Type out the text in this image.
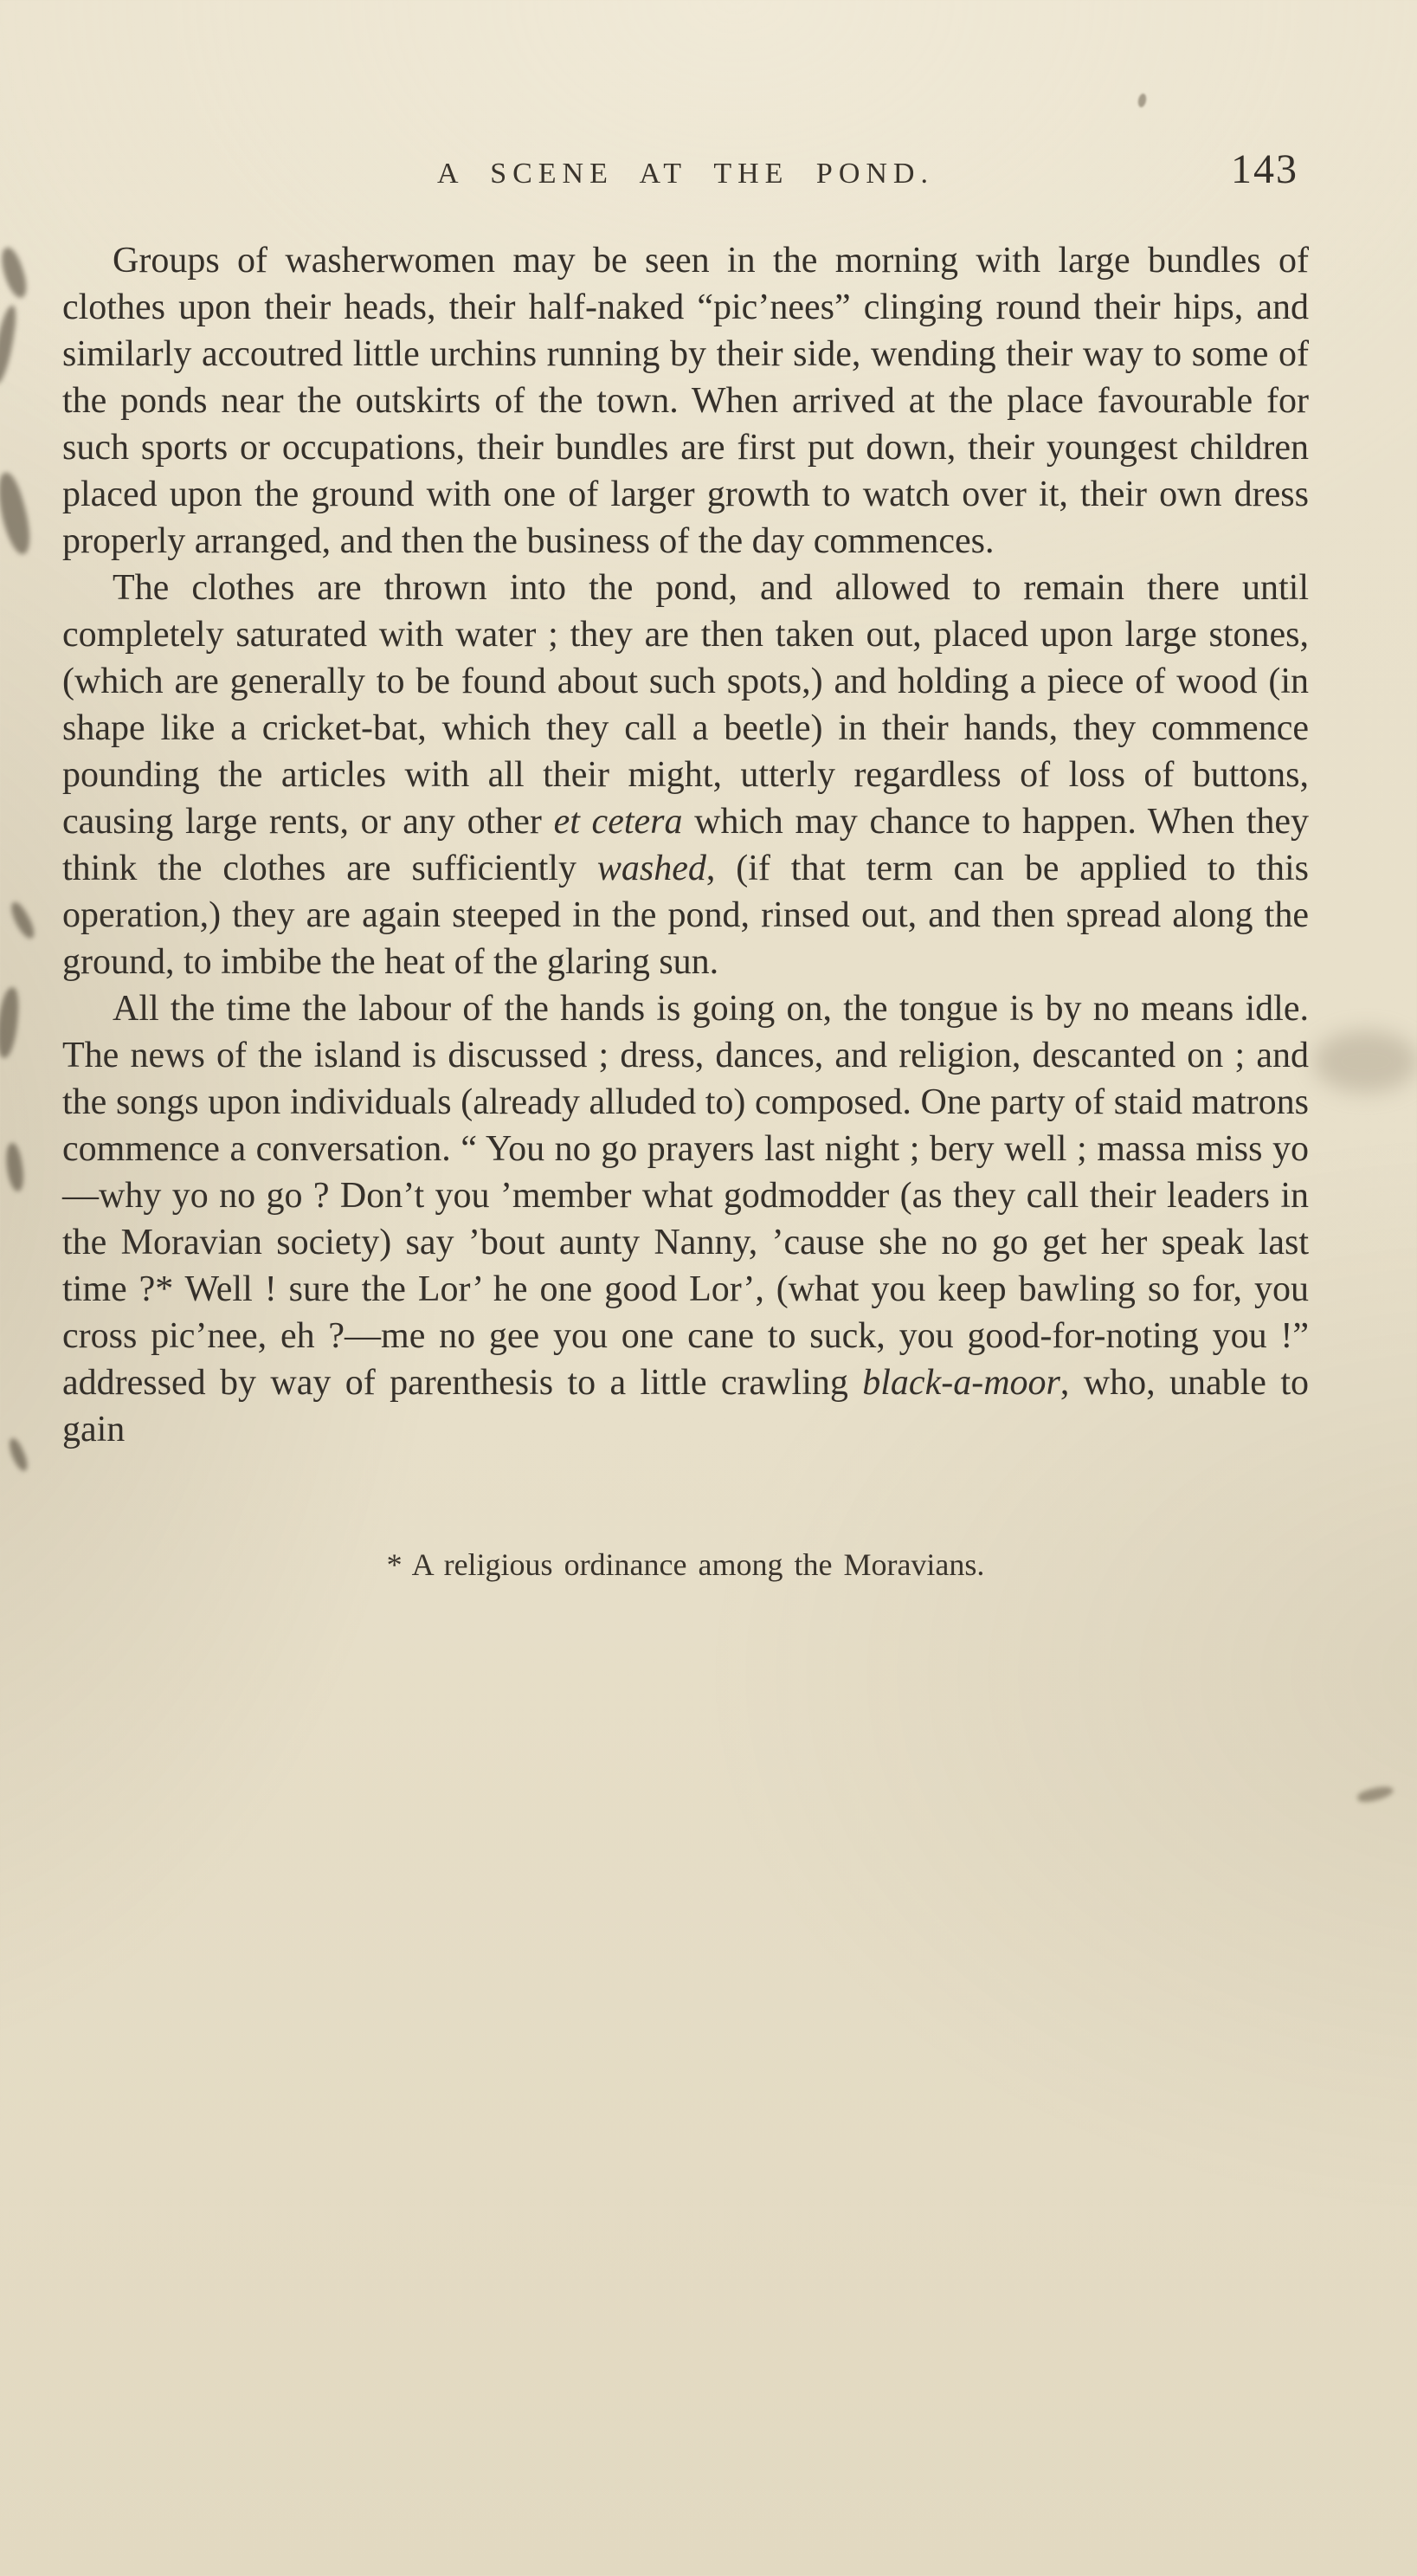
A SCENE AT THE POND.	143

Groups of washerwomen may be seen in the morning with large bundles of clothes upon their heads, their half-naked “pic’nees” clinging round their hips, and similarly accoutred little urchins running by their side, wending their way to some of the ponds near the outskirts of the town. When arrived at the place favourable for such sports or occupations, their bundles are first put down, their youngest children placed upon the ground with one of larger growth to watch over it, their own dress properly arranged, and then the business of the day commences.

The clothes are thrown into the pond, and allowed to remain there until completely saturated with water ; they are then taken out, placed upon large stones, (which are generally to be found about such spots,) and holding a piece of wood (in shape like a cricket-bat, which they call a beetle) in their hands, they commence pounding the articles with all their might, utterly regardless of loss of buttons, causing large rents, or any other et cetera which may chance to happen. When they think the clothes are sufficiently washed, (if that term can be applied to this operation,) they are again steeped in the pond, rinsed out, and then spread along the ground, to imbibe the heat of the glaring sun.

All the time the labour of the hands is going on, the tongue is by no means idle. The news of the island is discussed ; dress, dances, and religion, descanted on ; and the songs upon individuals (already alluded to) composed. One party of staid matrons commence a conversation. “ You no go prayers last night ; bery well ; massa miss yo—why yo no go ? Don’t you ’member what godmodder (as they call their leaders in the Moravian society) say ’bout aunty Nanny, ’cause she no go get her speak last time ?* Well ! sure the Lor’ he one good Lor’, (what you keep bawling so for, you cross pic’nee, eh ?—me no gee you one cane to suck, you good-for-noting you !” addressed by way of parenthesis to a little crawling black-a-moor, who, unable to gain

* A religious ordinance among the Moravians.
